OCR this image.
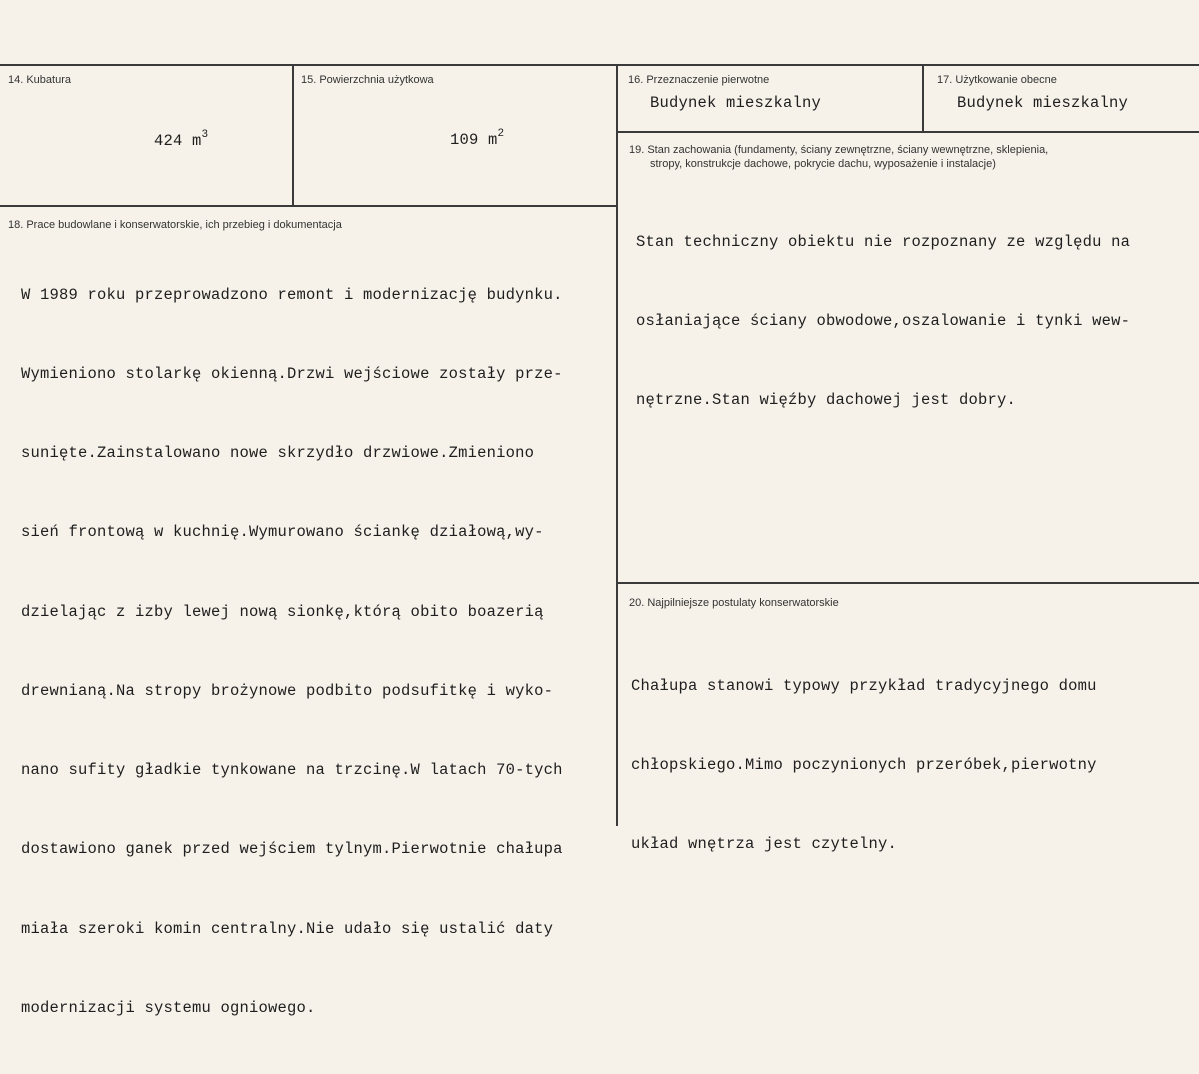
14. Kubatura

424 $m^3$

15. Powierzchnia użytkowa

109 $m^2$

16. Przeznaczenie pierwotne
Budynek mieszkalny
17. Użytkowanie obecne
Budynek mieszkalny
18. Prace budowlane i konserwatorskie, ich przebieg i dokumentacja

W 1989 roku przeprowadzono remont i modernizację budynku.

Wymieniono stolarkę okienną.Drzwi wejściowe zostały prze-

sunięte.Zainstalowano nowe skrzydło drzwiowe.Zmieniono

sień frontową w kuchnię.Wymurowano ściankę działową,wy-

dzielając z izby lewej nową sionkę,którą obito boazerią

drewnianą.Na stropy brożynowe podbito podsufitkę i wyko-

nano sufity gładkie tynkowane na trzcinę.W latach 70-tych

dostawiono ganek przed wejściem tylnym.Pierwotnie chałupa

miała szeroki komin centralny.Nie udało się ustalić daty

modernizacji systemu ogniowego.

19. Stan zachowania (fundamenty, ściany zewnętrzne, ściany wewnętrzne, sklepienia,
stropy, konstrukcje dachowe, pokrycie dachu, wyposażenie i instalacje)

Stan techniczny obiektu nie rozpoznany ze względu na

osłaniające ściany obwodowe,oszalowanie i tynki wew-

nętrzne.Stan więźby dachowej jest dobry.

20. Najpilniejsze postulaty konserwatorskie

Chałupa stanowi typowy przykład tradycyjnego domu

chłopskiego.Mimo poczynionych przeróbek,pierwotny

układ wnętrza jest czytelny.
